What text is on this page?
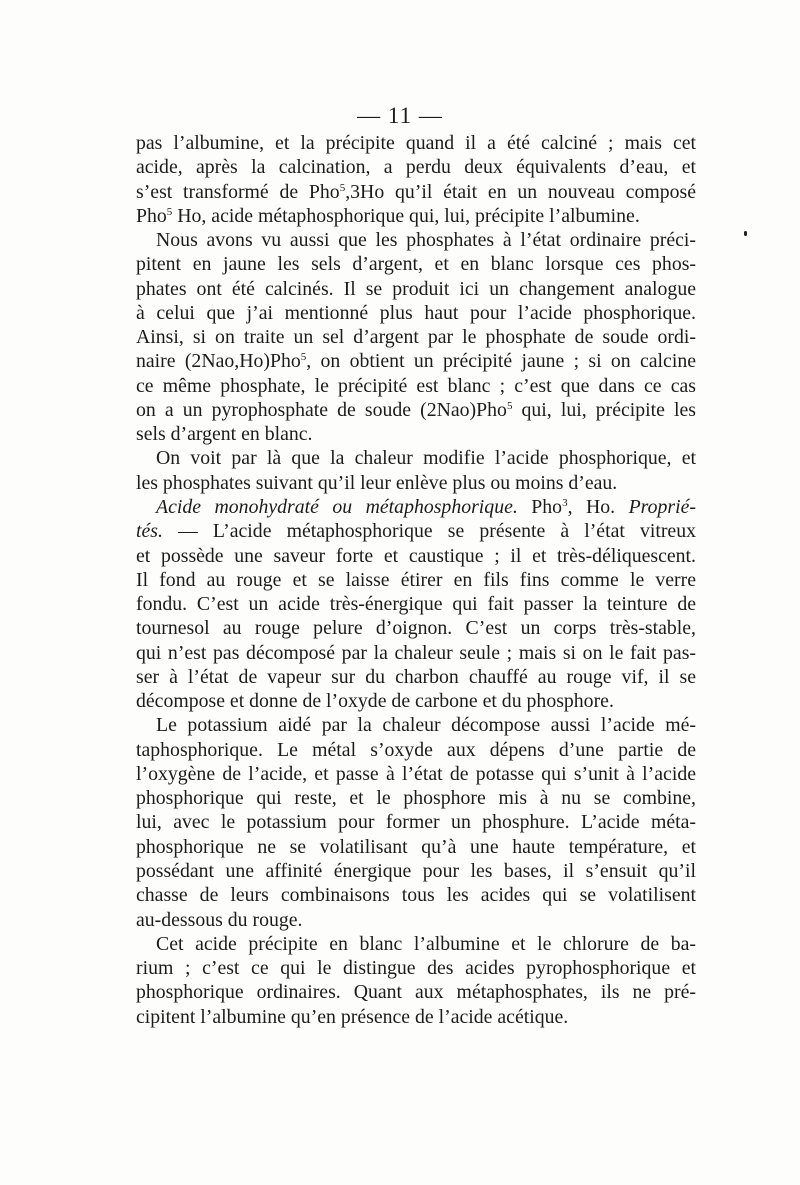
— 11 —
pas l’albumine, et la précipite quand il a été calciné ; mais cet
acide, après la calcination, a perdu deux équivalents d’eau, et
s’est transformé de Pho$^5$,3Ho qu’il était en un nouveau composé
Pho$^5$ Ho, acide métaphosphorique qui, lui, précipite l’albumine.
Nous avons vu aussi que les phosphates à l’état ordinaire préci-
pitent en jaune les sels d’argent, et en blanc lorsque ces phos-
phates ont été calcinés. Il se produit ici un changement analogue
à celui que j’ai mentionné plus haut pour l’acide phosphorique.
Ainsi, si on traite un sel d’argent par le phosphate de soude ordi-
naire (2Nao,Ho)Pho$^5$, on obtient un précipité jaune ; si on calcine
ce même phosphate, le précipité est blanc ; c’est que dans ce cas
on a un pyrophosphate de soude (2Nao)Pho$^5$ qui, lui, précipite les
sels d’argent en blanc.
On voit par là que la chaleur modifie l’acide phosphorique, et
les phosphates suivant qu’il leur enlève plus ou moins d’eau.
Acide monohydraté ou métaphosphorique. Pho$^3$, Ho. Proprié-
tés. — L’acide métaphosphorique se présente à l’état vitreux
et possède une saveur forte et caustique ; il et très-déliquescent.
Il fond au rouge et se laisse étirer en fils fins comme le verre
fondu. C’est un acide très-énergique qui fait passer la teinture de
tournesol au rouge pelure d’oignon. C’est un corps très-stable,
qui n’est pas décomposé par la chaleur seule ; mais si on le fait pas-
ser à l’état de vapeur sur du charbon chauffé au rouge vif, il se
décompose et donne de l’oxyde de carbone et du phosphore.
Le potassium aidé par la chaleur décompose aussi l’acide mé-
taphosphorique. Le métal s’oxyde aux dépens d’une partie de
l’oxygène de l’acide, et passe à l’état de potasse qui s’unit à l’acide
phosphorique qui reste, et le phosphore mis à nu se combine,
lui, avec le potassium pour former un phosphure. L’acide méta-
phosphorique ne se volatilisant qu’à une haute température, et
possédant une affinité énergique pour les bases, il s’ensuit qu’il
chasse de leurs combinaisons tous les acides qui se volatilisent
au-dessous du rouge.
Cet acide précipite en blanc l’albumine et le chlorure de ba-
rium ; c’est ce qui le distingue des acides pyrophosphorique et
phosphorique ordinaires. Quant aux métaphosphates, ils ne pré-
cipitent l’albumine qu’en présence de l’acide acétique.
